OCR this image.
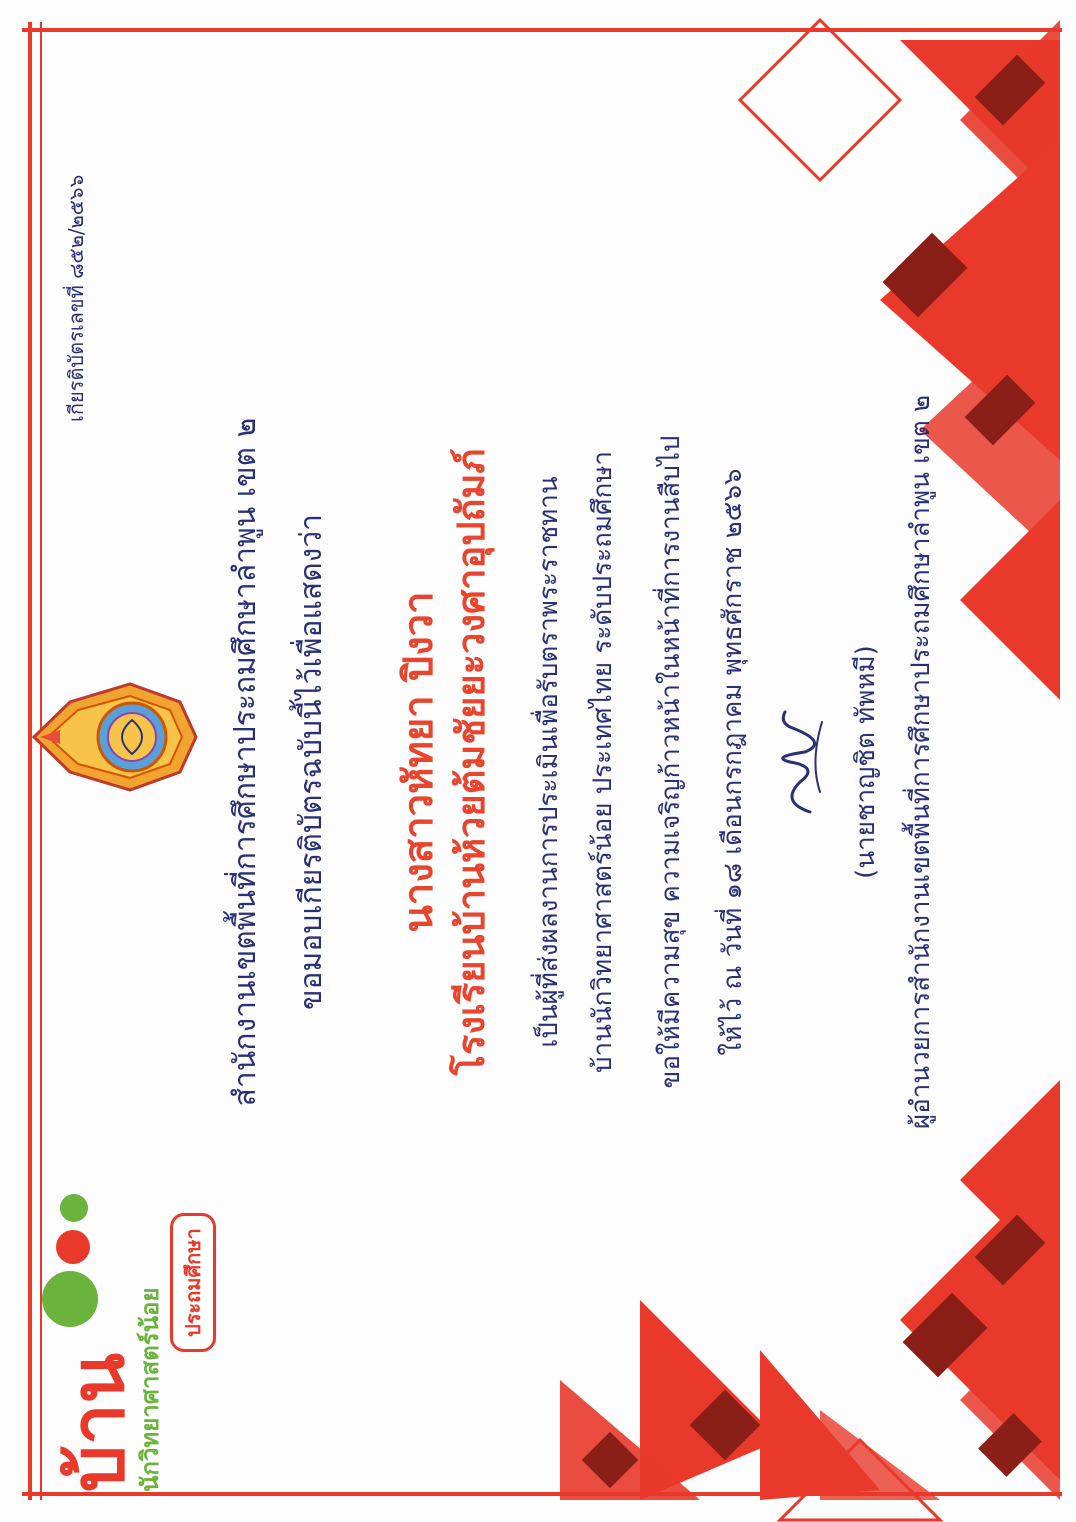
บ้าน
นักวิทยาศาสตร์น้อย
ประถมศึกษา
เกียรติบัตรเลขที่ ๘๕๒/๒๕๖๖
สำนักงานเขตพื้นที่การศึกษาประถมศึกษาลำพูน เขต ๒ ขอมอบเกียรติบัตรฉบับนี้ไว้เพื่อแสดงว่า นางสาวหัทยา ปิงวา โรงเรียนบ้านห้วยต้มชัยยะวงศาอุปถัมภ์	เป็นผู้ที่ส่งผลงานการประเมินเพื่อรับตราพระราชทาน บ้านนักวิทยาศาสตร์น้อย ประเทศไทย ระดับประถมศึกษา ขอให้มีความสุข ความเจริญก้าวหน้าในหน้าที่การงานสืบไป ให้ไว้ ณ วันที่ ๑๘ เดือนกรกฎาคม พุทธศักราช ๒๕๖๖	(นายชาญชิต ทัพหมี) ผู้อำนวยการสำนักงานเขตพื้นที่การศึกษาประถมศึกษาลำพูน เขต ๒
